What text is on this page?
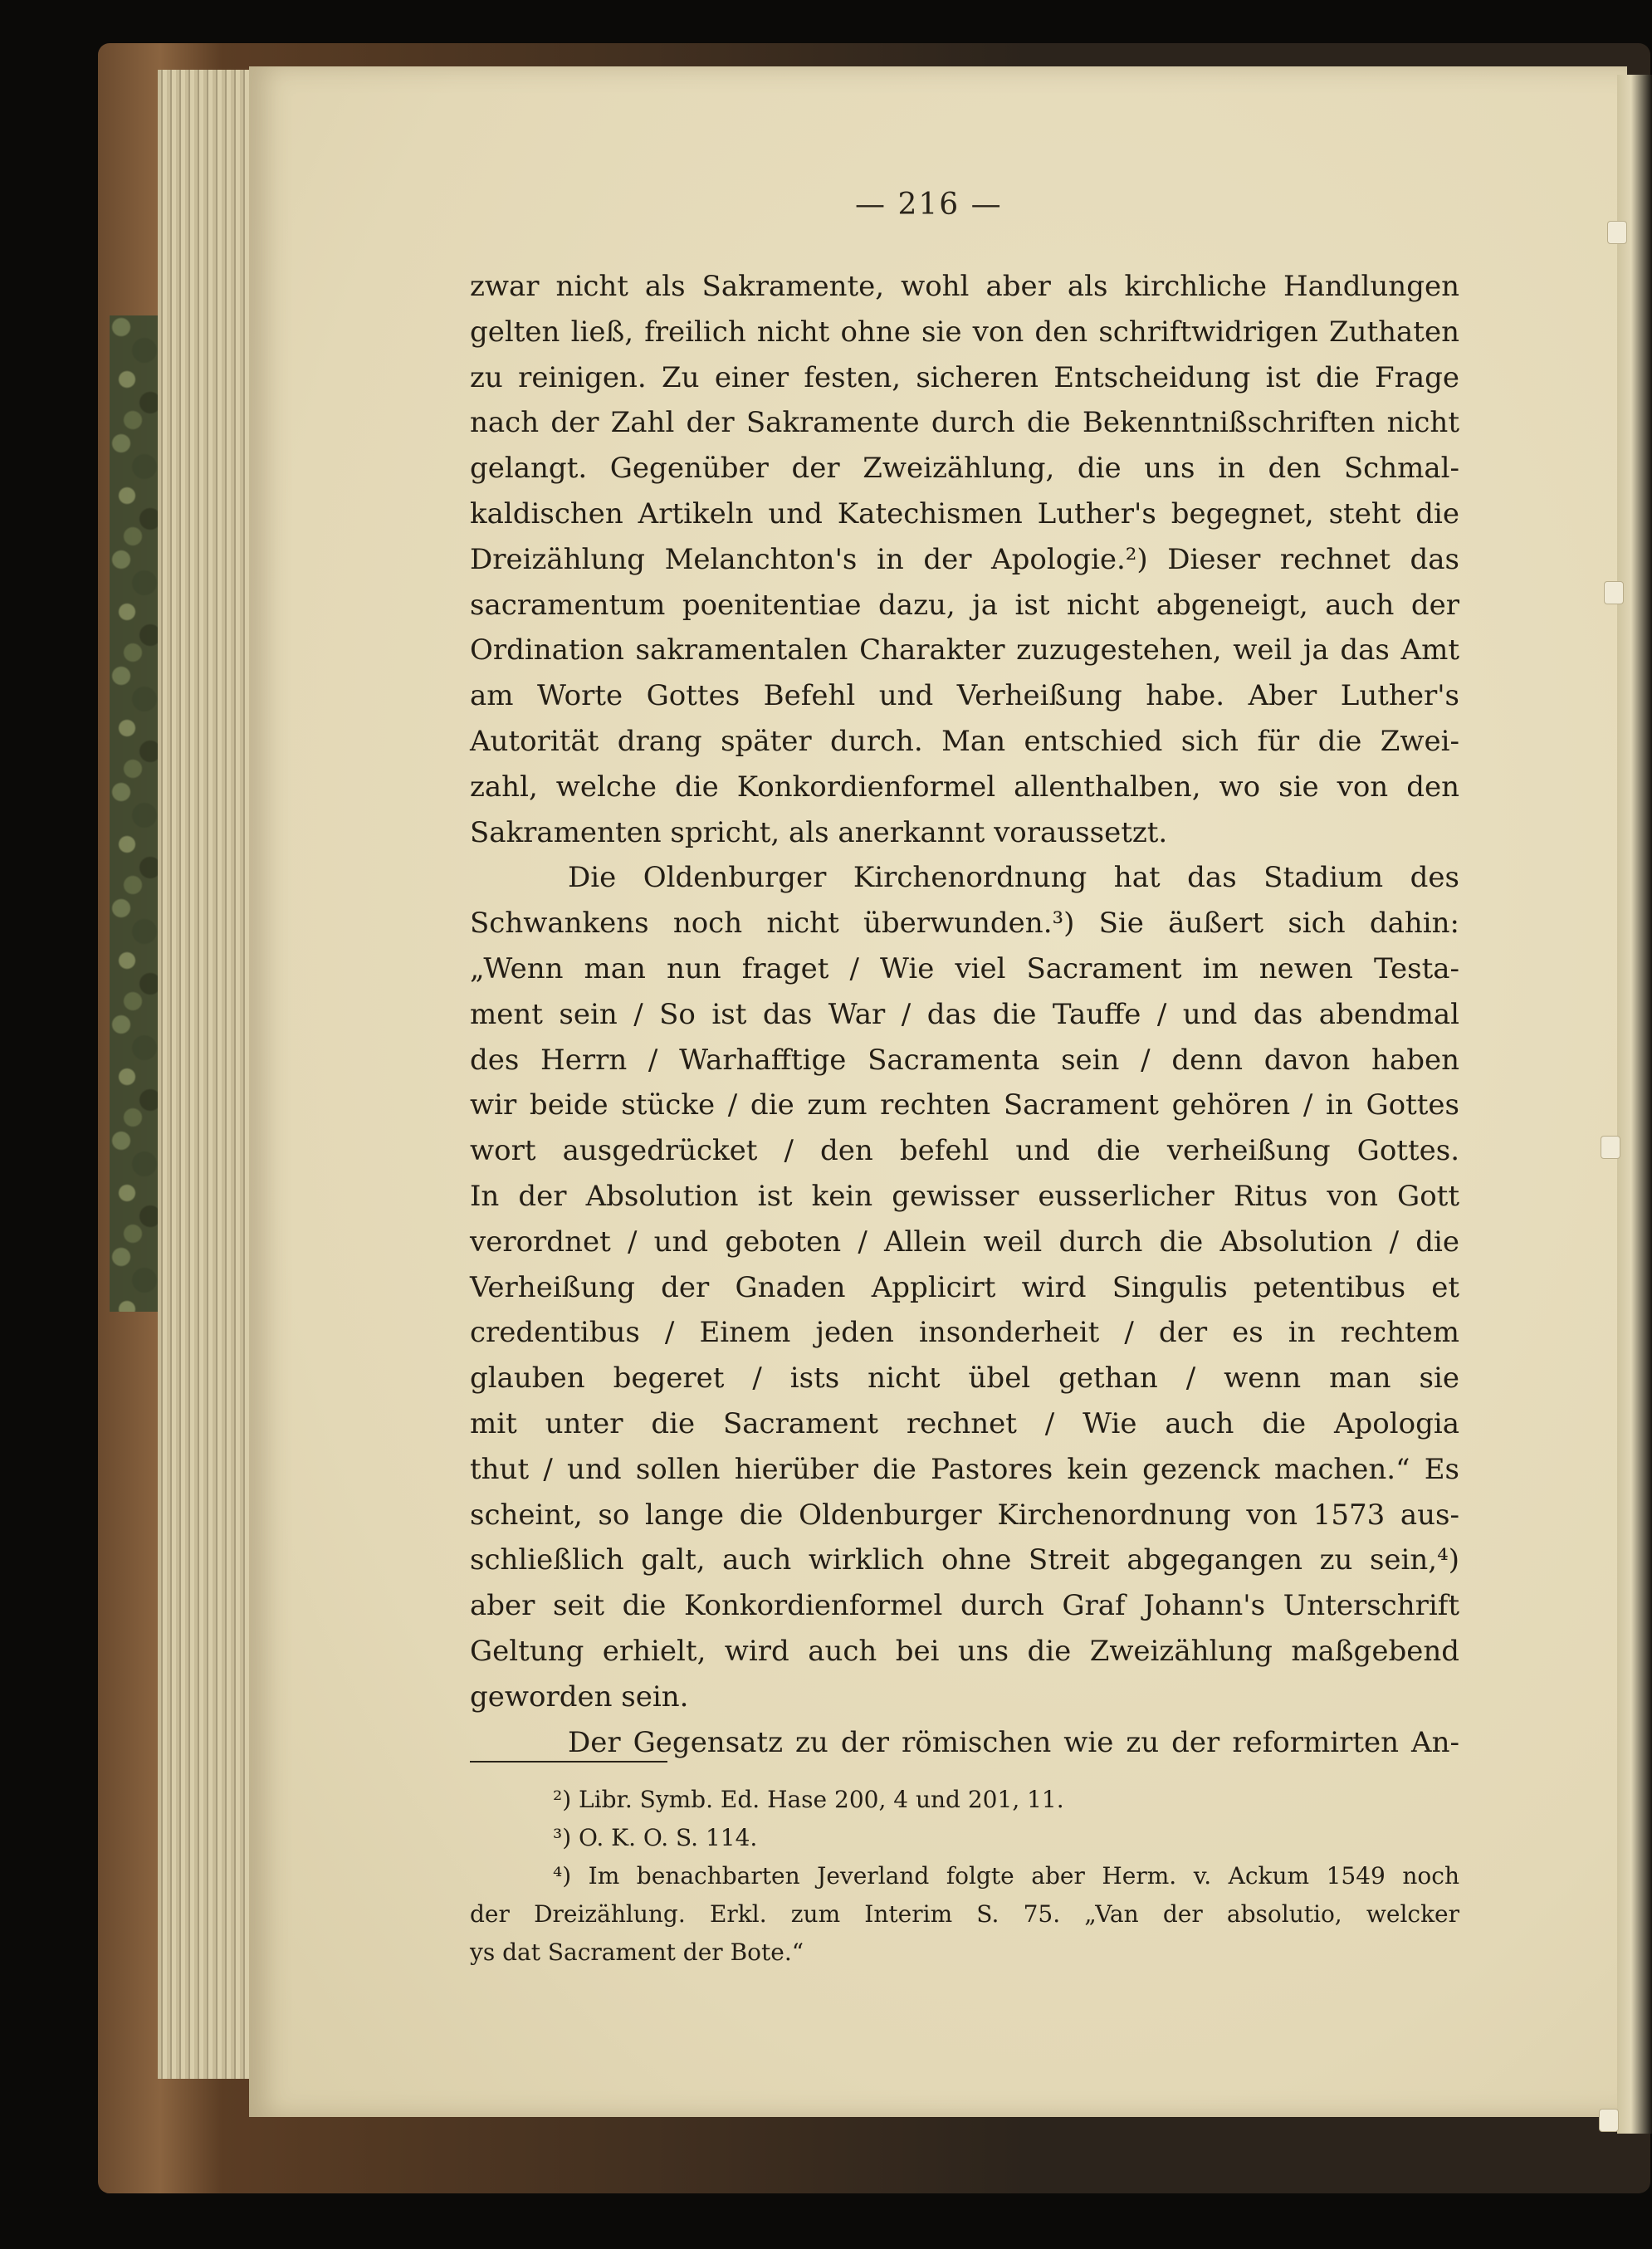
— 216 —
zwar nicht als Sakramente, wohl aber als kirchliche Handlungen
gelten ließ, freilich nicht ohne sie von den schriftwidrigen Zuthaten
zu reinigen. Zu einer festen, sicheren Entscheidung ist die Frage
nach der Zahl der Sakramente durch die Bekenntnißschriften nicht
gelangt. Gegenüber der Zweizählung, die uns in den Schmal-
kaldischen Artikeln und Katechismen Luther's begegnet, steht die
Dreizählung Melanchton's in der Apologie.²) Dieser rechnet das
sacramentum poenitentiae dazu, ja ist nicht abgeneigt, auch der
Ordination sakramentalen Charakter zuzugestehen, weil ja das Amt
am Worte Gottes Befehl und Verheißung habe. Aber Luther's
Autorität drang später durch. Man entschied sich für die Zwei-
zahl, welche die Konkordienformel allenthalben, wo sie von den
Sakramenten spricht, als anerkannt voraussetzt.
Die Oldenburger Kirchenordnung hat das Stadium des
Schwankens noch nicht überwunden.³) Sie äußert sich dahin:
„Wenn man nun fraget / Wie viel Sacrament im newen Testa-
ment sein / So ist das War / das die Tauffe / und das abendmal
des Herrn / Warhafftige Sacramenta sein / denn davon haben
wir beide stücke / die zum rechten Sacrament gehören / in Gottes
wort ausgedrücket / den befehl und die verheißung Gottes.
In der Absolution ist kein gewisser eusserlicher Ritus von Gott
verordnet / und geboten / Allein weil durch die Absolution / die
Verheißung der Gnaden Applicirt wird Singulis petentibus et
credentibus / Einem jeden insonderheit / der es in rechtem
glauben begeret / ists nicht übel gethan / wenn man sie
mit unter die Sacrament rechnet / Wie auch die Apologia
thut / und sollen hierüber die Pastores kein gezenck machen.“ Es
scheint, so lange die Oldenburger Kirchenordnung von 1573 aus-
schließlich galt, auch wirklich ohne Streit abgegangen zu sein,⁴)
aber seit die Konkordienformel durch Graf Johann's Unterschrift
Geltung erhielt, wird auch bei uns die Zweizählung maßgebend
geworden sein.
Der Gegensatz zu der römischen wie zu der reformirten An-
²) Libr. Symb. Ed. Hase 200, 4 und 201, 11.
³) O. K. O. S. 114.
⁴) Im benachbarten Jeverland folgte aber Herm. v. Ackum 1549 noch
der Dreizählung. Erkl. zum Interim S. 75. „Van der absolutio, welcker
ys dat Sacrament der Bote.“
